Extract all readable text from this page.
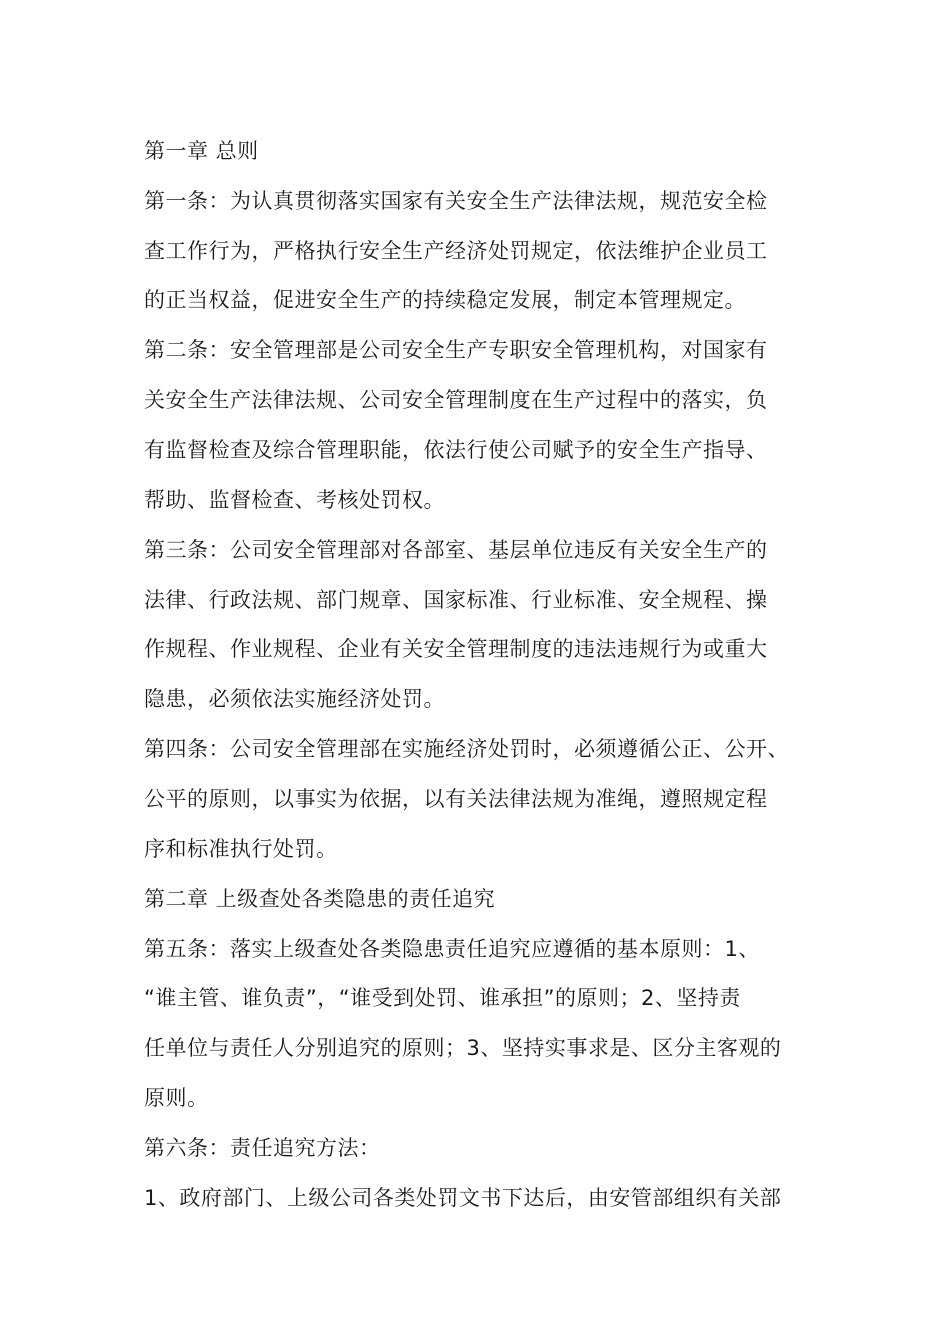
第一章 总则
第一条：为认真贯彻落实国家有关安全生产法律法规，规范安全检
查工作行为，严格执行安全生产经济处罚规定，依法维护企业员工
的正当权益，促进安全生产的持续稳定发展，制定本管理规定。
第二条：安全管理部是公司安全生产专职安全管理机构，对国家有
关安全生产法律法规、公司安全管理制度在生产过程中的落实，负
有监督检查及综合管理职能，依法行使公司赋予的安全生产指导、
帮助、监督检查、考核处罚权。
第三条：公司安全管理部对各部室、基层单位违反有关安全生产的
法律、行政法规、部门规章、国家标准、行业标准、安全规程、操
作规程、作业规程、企业有关安全管理制度的违法违规行为或重大
隐患，必须依法实施经济处罚。
第四条：公司安全管理部在实施经济处罚时，必须遵循公正、公开、
公平的原则，以事实为依据，以有关法律法规为准绳，遵照规定程
序和标准执行处罚。
第二章 上级查处各类隐患的责任追究
第五条：落实上级查处各类隐患责任追究应遵循的基本原则：1、
“谁主管、谁负责”，“谁受到处罚、谁承担”的原则；2、坚持责
任单位与责任人分别追究的原则；3、坚持实事求是、区分主客观的
原则。
第六条：责任追究方法：
1、政府部门、上级公司各类处罚文书下达后，由安管部组织有关部
